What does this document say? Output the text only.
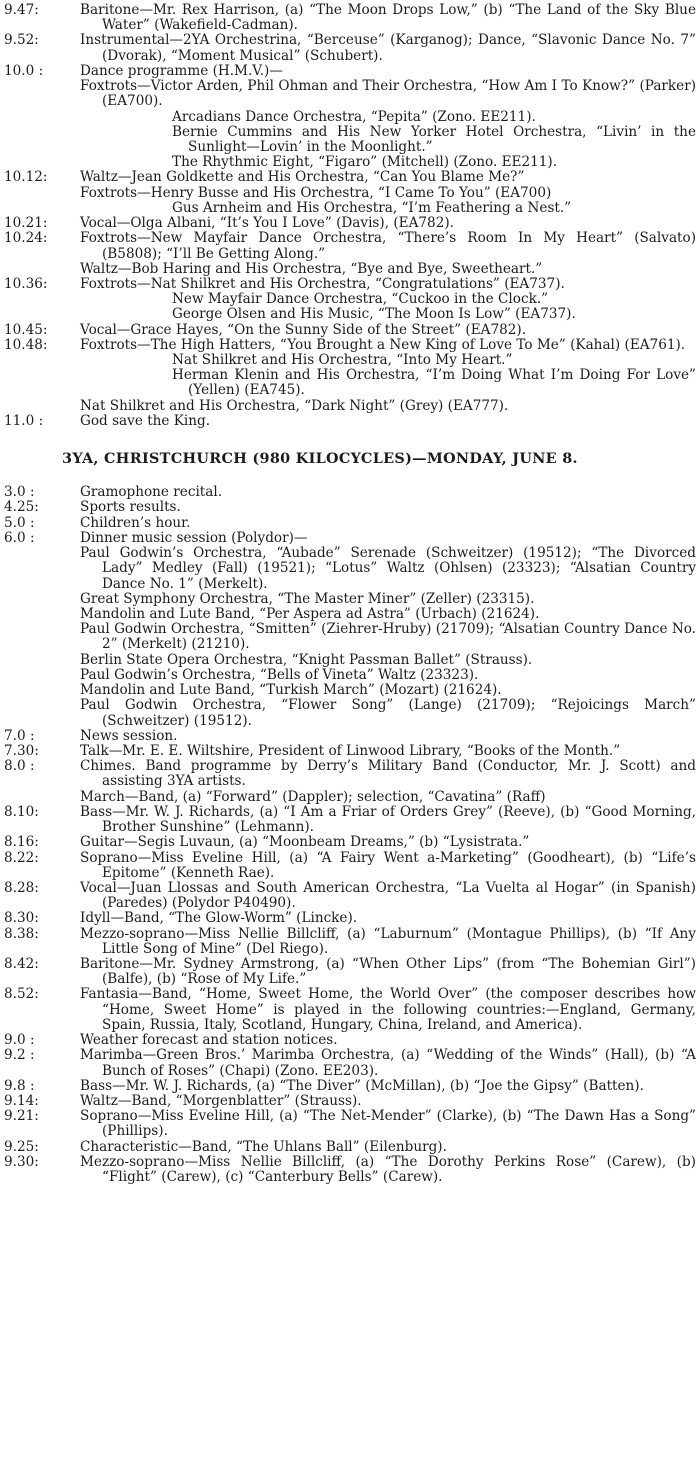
9.47:	Baritone—Mr. Rex Harrison, (a) “The Moon Drops Low,” (b) “The Land of the Sky Blue Water” (Wakefield-Cadman).

9.52:	Instrumental—2YA Orchestrina, “Berceuse” (Karganog); Dance, “Slavonic Dance No. 7” (Dvorak), “Moment Musical” (Schubert).

10.0 :	Dance programme (H.M.V.)—

Foxtrots—Victor Arden, Phil Ohman and Their Orchestra, “How Am I To Know?” (Parker) (EA700).

Arcadians Dance Orchestra, “Pepita” (Zono. EE211).

Bernie Cummins and His New Yorker Hotel Orchestra, “Livin’ in the Sunlight—Lovin’ in the Moonlight.”

The Rhythmic Eight, “Figaro” (Mitchell) (Zono. EE211).

10.12:	Waltz—Jean Goldkette and His Orchestra, “Can You Blame Me?”

Foxtrots—Henry Busse and His Orchestra, “I Came To You” (EA700)

Gus Arnheim and His Orchestra, “I’m Feathering a Nest.”

10.21:	Vocal—Olga Albani, “It’s You I Love” (Davis), (EA782).

10.24:	Foxtrots—New Mayfair Dance Orchestra, “There’s Room In My Heart” (Salvato) (B5808); “I’ll Be Getting Along.”

Waltz—Bob Haring and His Orchestra, “Bye and Bye, Sweetheart.”

10.36:	Foxtrots—Nat Shilkret and His Orchestra, “Congratulations” (EA737).

New Mayfair Dance Orchestra, “Cuckoo in the Clock.”

George Olsen and His Music, “The Moon Is Low” (EA737).

10.45:	Vocal—Grace Hayes, “On the Sunny Side of the Street” (EA782).

10.48:	Foxtrots—The High Hatters, “You Brought a New King of Love To Me” (Kahal) (EA761).

Nat Shilkret and His Orchestra, “Into My Heart.”

Herman Klenin and His Orchestra, “I’m Doing What I’m Doing For Love” (Yellen) (EA745).

Nat Shilkret and His Orchestra, “Dark Night” (Grey) (EA777).

11.0 :	God save the King.

3YA, CHRISTCHURCH (980 KILOCYCLES)—MONDAY, JUNE 8.
3.0 :	Gramophone recital.

4.25:	Sports results.

5.0 :	Children’s hour.

6.0 :	Dinner music session (Polydor)—

Paul Godwin’s Orchestra, “Aubade” Serenade (Schweitzer) (19512); “The Divorced Lady” Medley (Fall) (19521); “Lotus” Waltz (Ohlsen) (23323); “Alsatian Country Dance No. 1” (Merkelt).

Great Symphony Orchestra, “The Master Miner” (Zeller) (23315).

Mandolin and Lute Band, “Per Aspera ad Astra” (Urbach) (21624).

Paul Godwin Orchestra, “Smitten” (Ziehrer-Hruby) (21709); “Alsatian Country Dance No. 2” (Merkelt) (21210).

Berlin State Opera Orchestra, “Knight Passman Ballet” (Strauss).

Paul Godwin’s Orchestra, “Bells of Vineta” Waltz (23323).

Mandolin and Lute Band, “Turkish March” (Mozart) (21624).

Paul Godwin Orchestra, “Flower Song” (Lange) (21709); “Rejoicings March” (Schweitzer) (19512).

7.0 :	News session.

7.30:	Talk—Mr. E. E. Wiltshire, President of Linwood Library, “Books of the Month.”

8.0 :	Chimes. Band programme by Derry’s Military Band (Conductor, Mr. J. Scott) and assisting 3YA artists.

March—Band, (a) “Forward” (Dappler); selection, “Cavatina” (Raff)

8.10:	Bass—Mr. W. J. Richards, (a) “I Am a Friar of Orders Grey” (Reeve), (b) “Good Morning, Brother Sunshine” (Lehmann).

8.16:	Guitar—Segis Luvaun, (a) “Moonbeam Dreams,” (b) “Lysistrata.”

8.22:	Soprano—Miss Eveline Hill, (a) “A Fairy Went a-Marketing” (Goodheart), (b) “Life’s Epitome” (Kenneth Rae).

8.28:	Vocal—Juan Llossas and South American Orchestra, “La Vuelta al Hogar” (in Spanish) (Paredes) (Polydor P40490).

8.30:	Idyll—Band, “The Glow-Worm” (Lincke).

8.38:	Mezzo-soprano—Miss Nellie Billcliff, (a) “Laburnum” (Montague Phillips), (b) “If Any Little Song of Mine” (Del Riego).

8.42:	Baritone—Mr. Sydney Armstrong, (a) “When Other Lips” (from “The Bohemian Girl”) (Balfe), (b) “Rose of My Life.”

8.52:	Fantasia—Band, “Home, Sweet Home, the World Over” (the composer describes how “Home, Sweet Home” is played in the following countries:—England, Germany, Spain, Russia, Italy, Scotland, Hungary, China, Ireland, and America).

9.0 :	Weather forecast and station notices.

9.2 :	Marimba—Green Bros.’ Marimba Orchestra, (a) “Wedding of the Winds” (Hall), (b) “A Bunch of Roses” (Chapi) (Zono. EE203).

9.8 :	Bass—Mr. W. J. Richards, (a) “The Diver” (McMillan), (b) “Joe the Gipsy” (Batten).

9.14:	Waltz—Band, “Morgenblatter” (Strauss).

9.21:	Soprano—Miss Eveline Hill, (a) “The Net-Mender” (Clarke), (b) “The Dawn Has a Song” (Phillips).

9.25:	Characteristic—Band, “The Uhlans Ball” (Eilenburg).

9.30:	Mezzo-soprano—Miss Nellie Billcliff, (a) “The Dorothy Perkins Rose” (Carew), (b) “Flight” (Carew), (c) “Canterbury Bells” (Carew).
